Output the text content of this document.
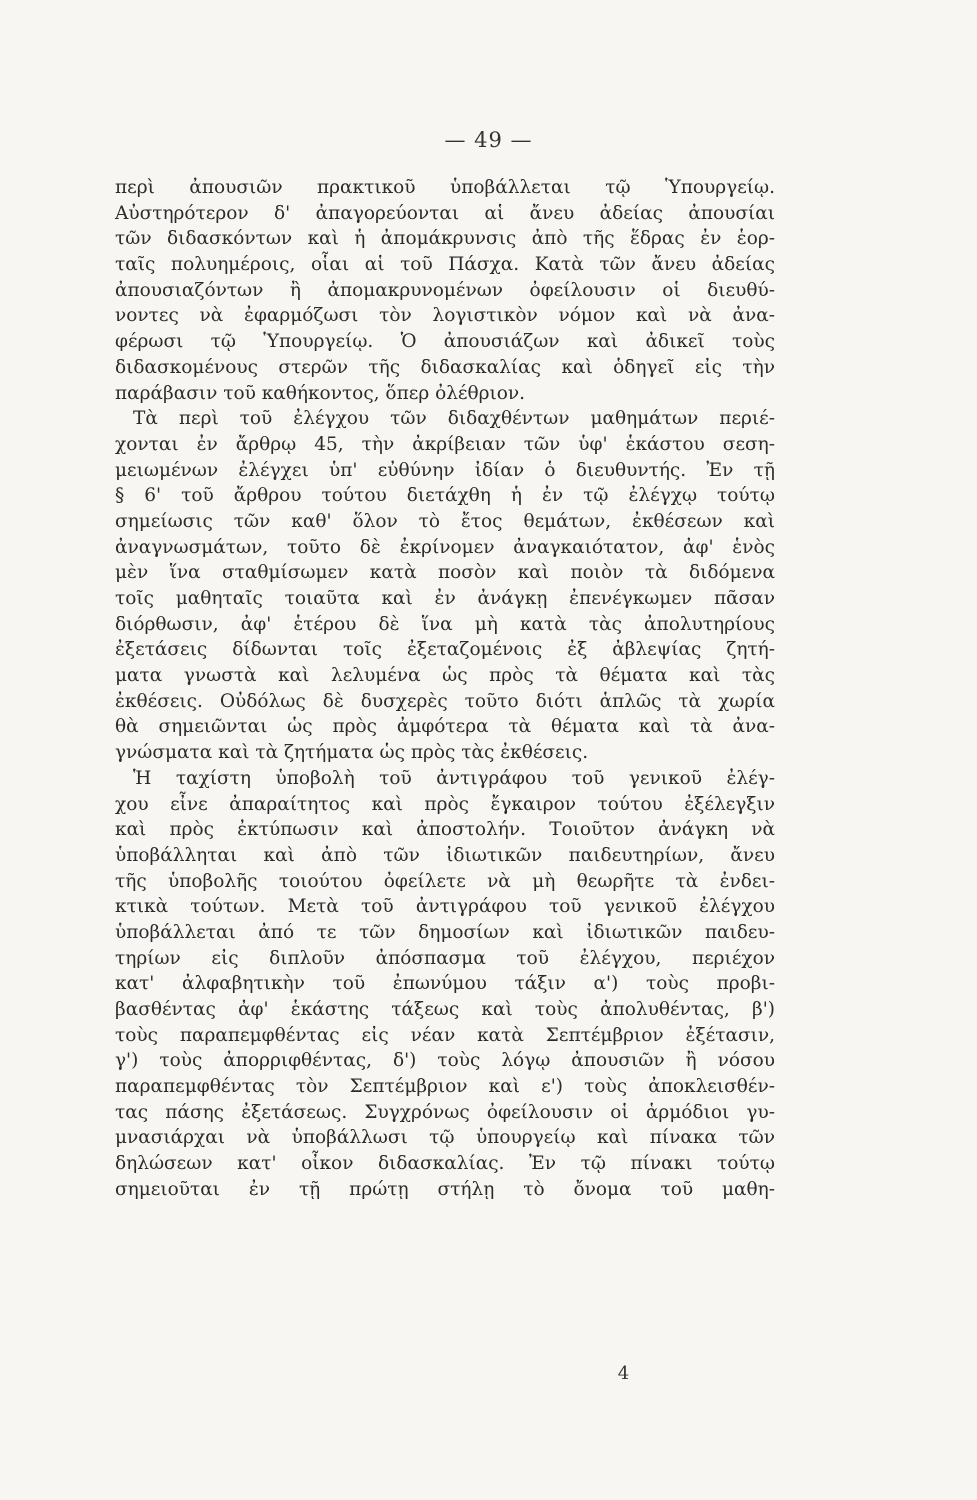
— 49 —
περὶ ἀπουσιῶν πρακτικοῦ ὑποβάλλεται τῷ Ὑπουργείῳ.
Αὐστηρότερον δ' ἀπαγορεύονται αἱ ἄνευ ἀδείας ἀπουσίαι
τῶν διδασκόντων καὶ ἡ ἀπομάκρυνσις ἀπὸ τῆς ἕδρας ἐν ἑορ-
ταῖς πολυημέροις, οἷαι αἱ τοῦ Πάσχα. Κατὰ τῶν ἄνευ ἀδείας
ἀπουσιαζόντων ἢ ἀπομακρυνομένων ὀφείλουσιν οἱ διευθύ-
νοντες νὰ ἐφαρμόζωσι τὸν λογιστικὸν νόμον καὶ νὰ ἀνα-
φέρωσι τῷ Ὑπουργείῳ. Ὁ ἀπουσιάζων καὶ ἀδικεῖ τοὺς
διδασκομένους στερῶν τῆς διδασκαλίας καὶ ὁδηγεῖ εἰς τὴν
παράβασιν τοῦ καθήκοντος, ὅπερ ὀλέθριον.
Τὰ περὶ τοῦ ἐλέγχου τῶν διδαχθέντων μαθημάτων περιέ-
χονται ἐν ἄρθρῳ 45, τὴν ἀκρίβειαν τῶν ὑφ' ἑκάστου σεση-
μειωμένων ἐλέγχει ὑπ' εὐθύνην ἰδίαν ὁ διευθυντής. Ἐν τῇ
§ 6' τοῦ ἄρθρου τούτου διετάχθη ἡ ἐν τῷ ἐλέγχῳ τούτῳ
σημείωσις τῶν καθ' ὅλον τὸ ἔτος θεμάτων, ἐκθέσεων καὶ
ἀναγνωσμάτων, τοῦτο δὲ ἐκρίνομεν ἀναγκαιότατον, ἀφ' ἑνὸς
μὲν ἵνα σταθμίσωμεν κατὰ ποσὸν καὶ ποιὸν τὰ διδόμενα
τοῖς μαθηταῖς τοιαῦτα καὶ ἐν ἀνάγκῃ ἐπενέγκωμεν πᾶσαν
διόρθωσιν, ἀφ' ἑτέρου δὲ ἵνα μὴ κατὰ τὰς ἀπολυτηρίους
ἐξετάσεις δίδωνται τοῖς ἐξεταζομένοις ἐξ ἀβλεψίας ζητή-
ματα γνωστὰ καὶ λελυμένα ὡς πρὸς τὰ θέματα καὶ τὰς
ἐκθέσεις. Οὐδόλως δὲ δυσχερὲς τοῦτο διότι ἁπλῶς τὰ χωρία
θὰ σημειῶνται ὡς πρὸς ἀμφότερα τὰ θέματα καὶ τὰ ἀνα-
γνώσματα καὶ τὰ ζητήματα ὡς πρὸς τὰς ἐκθέσεις.
Ἡ ταχίστη ὑποβολὴ τοῦ ἀντιγράφου τοῦ γενικοῦ ἐλέγ-
χου εἶνε ἀπαραίτητος καὶ πρὸς ἔγκαιρον τούτου ἐξέλεγξιν
καὶ πρὸς ἐκτύπωσιν καὶ ἀποστολήν. Τοιοῦτον ἀνάγκη νὰ
ὑποβάλληται καὶ ἀπὸ τῶν ἰδιωτικῶν παιδευτηρίων, ἄνευ
τῆς ὑποβολῆς τοιούτου ὀφείλετε νὰ μὴ θεωρῆτε τὰ ἐνδει-
κτικὰ τούτων. Μετὰ τοῦ ἀντιγράφου τοῦ γενικοῦ ἐλέγχου
ὑποβάλλεται ἀπό τε τῶν δημοσίων καὶ ἰδιωτικῶν παιδευ-
τηρίων εἰς διπλοῦν ἀπόσπασμα τοῦ ἐλέγχου, περιέχον
κατ' ἀλφαβητικὴν τοῦ ἐπωνύμου τάξιν α') τοὺς προβι-
βασθέντας ἀφ' ἑκάστης τάξεως καὶ τοὺς ἀπολυθέντας, β')
τοὺς παραπεμφθέντας εἰς νέαν κατὰ Σεπτέμβριον ἐξέτασιν,
γ') τοὺς ἀπορριφθέντας, δ') τοὺς λόγῳ ἀπουσιῶν ἢ νόσου
παραπεμφθέντας τὸν Σεπτέμβριον καὶ ε') τοὺς ἀποκλεισθέν-
τας πάσης ἐξετάσεως. Συγχρόνως ὀφείλουσιν οἱ ἁρμόδιοι γυ-
μνασιάρχαι νὰ ὑποβάλλωσι τῷ ὑπουργείῳ καὶ πίνακα τῶν
δηλώσεων κατ' οἶκον διδασκαλίας. Ἐν τῷ πίνακι τούτῳ
σημειοῦται ἐν τῇ πρώτῃ στήλῃ τὸ ὄνομα τοῦ μαθη-
4
